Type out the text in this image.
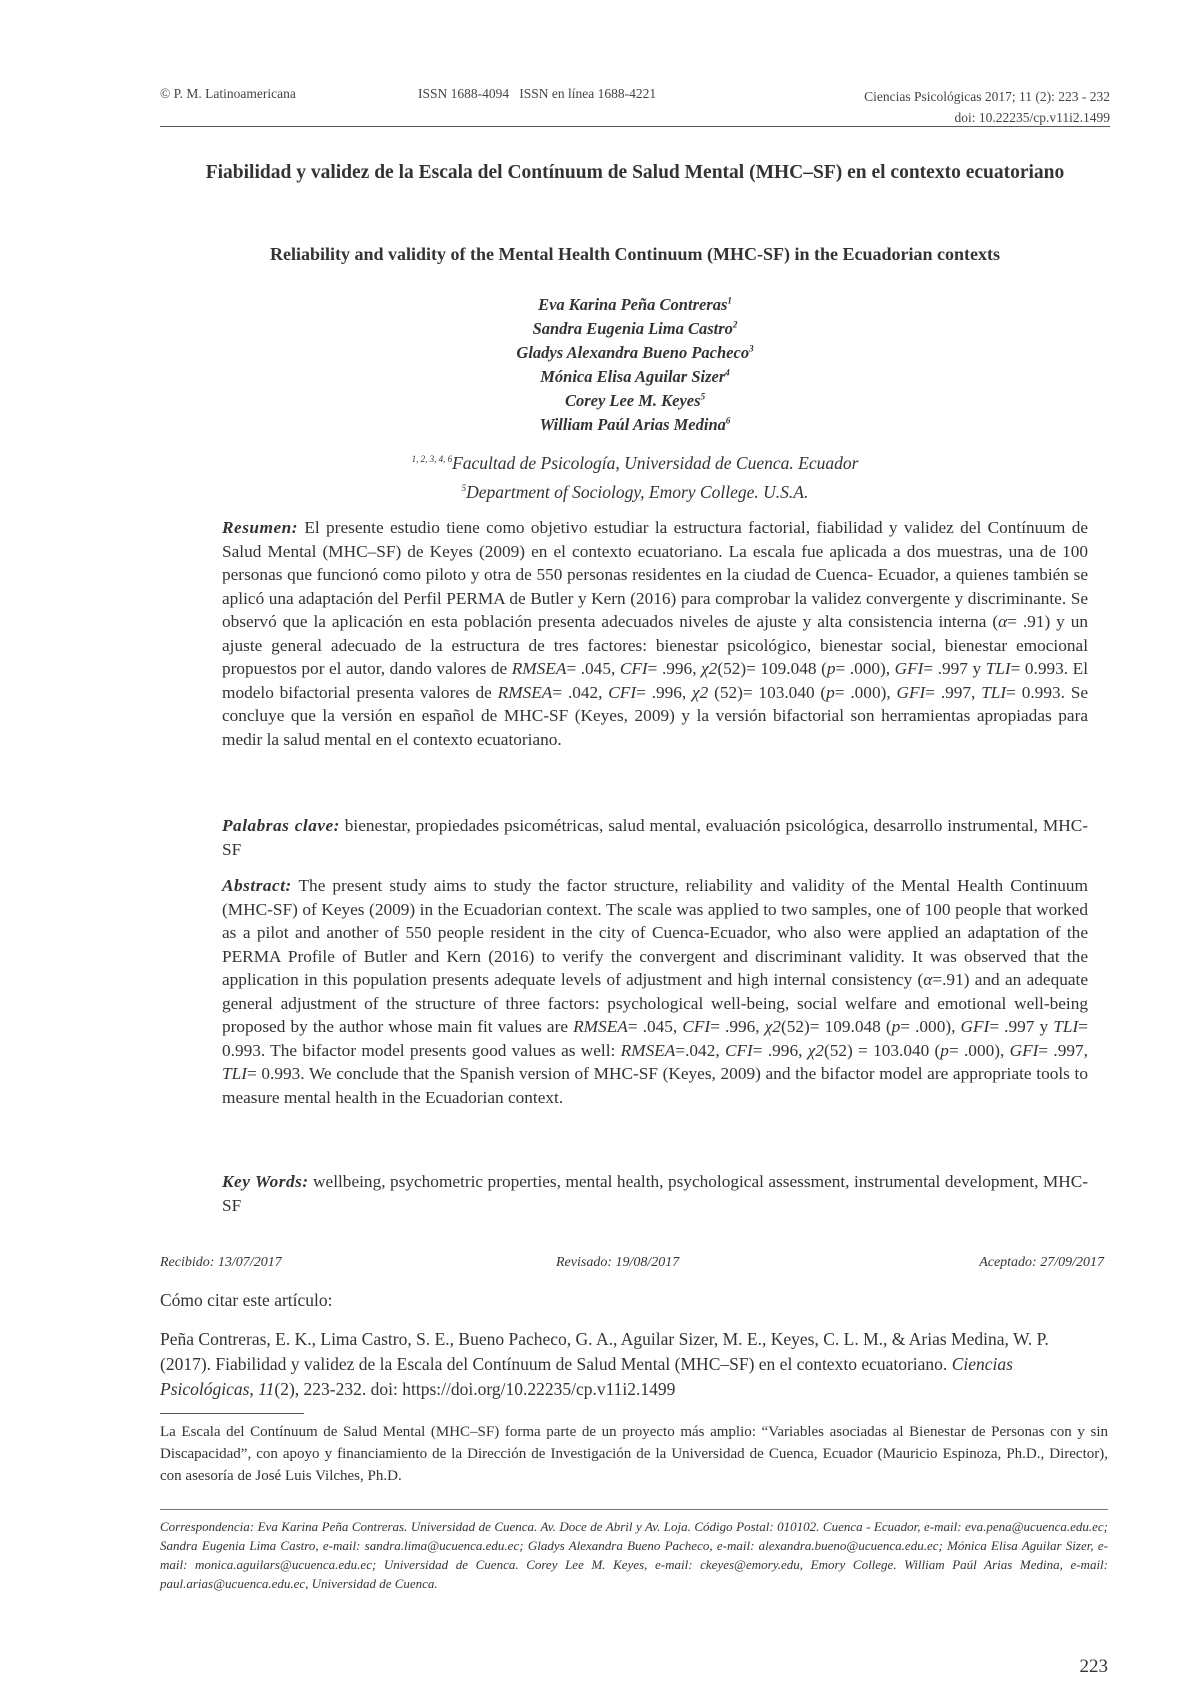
© P. M. Latinoamericana	ISSN 1688-4094   ISSN en línea 1688-4221	Ciencias Psicológicas 2017; 11 (2): 223 - 232
doi: 10.22235/cp.v11i2.1499
Fiabilidad y validez de la Escala del Contínuum de Salud Mental (MHC–SF) en el contexto ecuatoriano
Reliability and validity of the Mental Health Continuum (MHC-SF) in the Ecuadorian contexts
Eva Karina Peña Contreras$^1$
Sandra Eugenia Lima Castro$^2$
Gladys Alexandra Bueno Pacheco$^3$
Mónica Elisa Aguilar Sizer$^4$
Corey Lee M. Keyes$^5$
William Paúl Arias Medina$^6$
$^{1, 2, 3, 4, 6}$Facultad de Psicología, Universidad de Cuenca. Ecuador
$^5$Department of Sociology, Emory College. U.S.A.

Resumen: El presente estudio tiene como objetivo estudiar la estructura factorial, fiabilidad y validez del Contínuum de Salud Mental (MHC–SF) de Keyes (2009) en el contexto ecuatoriano. La escala fue aplicada a dos muestras, una de 100 personas que funcionó como piloto y otra de 550 personas residentes en la ciudad de Cuenca- Ecuador, a quienes también se aplicó una adaptación del Perfil PERMA de Butler y Kern (2016) para comprobar la validez convergente y discriminante. Se observó que la aplicación en esta población presenta adecuados niveles de ajuste y alta consistencia interna (α= .91) y un ajuste general adecuado de la estructura de tres factores: bienestar psicológico, bienestar social, bienestar emocional propuestos por el autor, dando valores de RMSEA= .045, CFI= .996, χ2(52)= 109.048 (p= .000), GFI= .997 y TLI= 0.993. El modelo bifactorial presenta valores de RMSEA= .042, CFI= .996, χ2 (52)= 103.040 (p= .000), GFI= .997, TLI= 0.993. Se concluye que la versión en español de MHC-SF (Keyes, 2009) y la versión bifactorial son herramientas apropiadas para medir la salud mental en el contexto ecuatoriano.

Palabras clave: bienestar, propiedades psicométricas, salud mental, evaluación psicológica, desarrollo instrumental, MHC-SF

Abstract: The present study aims to study the factor structure, reliability and validity of the Mental Health Continuum (MHC-SF) of Keyes (2009) in the Ecuadorian context. The scale was applied to two samples, one of 100 people that worked as a pilot and another of 550 people resident in the city of Cuenca-Ecuador, who also were applied an adaptation of the PERMA Profile of Butler and Kern (2016) to verify the convergent and discriminant validity. It was observed that the application in this population presents adequate levels of adjustment and high internal consistency (α=.91) and an adequate general adjustment of the structure of three factors: psychological well-being, social welfare and emotional well-being proposed by the author whose main fit values are RMSEA= .045, CFI= .996, χ2(52)= 109.048 (p= .000), GFI= .997 y TLI= 0.993. The bifactor model presents good values as well: RMSEA=.042, CFI= .996, χ2(52) = 103.040 (p= .000), GFI= .997, TLI= 0.993. We conclude that the Spanish version of MHC-SF (Keyes, 2009) and the bifactor model are appropriate tools to measure mental health in the Ecuadorian context.

Key Words: wellbeing, psychometric properties, mental health, psychological assessment, instrumental development, MHC-SF

Recibido: 13/07/2017	Revisado: 19/08/2017	Aceptado: 27/09/2017
Cómo citar este artículo:
Peña Contreras, E. K., Lima Castro, S. E., Bueno Pacheco, G. A., Aguilar Sizer, M. E., Keyes, C. L. M., & Arias Medina, W. P. (2017). Fiabilidad y validez de la Escala del Contínuum de Salud Mental (MHC–SF) en el contexto ecuatoriano. Ciencias Psicológicas, 11(2), 223-232. doi: https://doi.org/10.22235/cp.v11i2.1499
La Escala del Contínuum de Salud Mental (MHC–SF) forma parte de un proyecto más amplio: “Variables asociadas al Bienestar de Personas con y sin Discapacidad”, con apoyo y financiamiento de la Dirección de Investigación de la Universidad de Cuenca, Ecuador (Mauricio Espinoza, Ph.D., Director), con asesoría de José Luis Vilches, Ph.D.
Correspondencia: Eva Karina Peña Contreras. Universidad de Cuenca. Av. Doce de Abril y Av. Loja. Código Postal: 010102. Cuenca - Ecuador, e-mail: eva.pena@ucuenca.edu.ec; Sandra Eugenia Lima Castro, e-mail: sandra.lima@ucuenca.edu.ec; Gladys Alexandra Bueno Pacheco, e-mail: alexandra.bueno@ucuenca.edu.ec; Mónica Elisa Aguilar Sizer, e-mail: monica.aguilars@ucuenca.edu.ec; Universidad de Cuenca. Corey Lee M. Keyes, e-mail: ckeyes@emory.edu, Emory College. William Paúl Arias Medina, e-mail: paul.arias@ucuenca.edu.ec, Universidad de Cuenca.
223
